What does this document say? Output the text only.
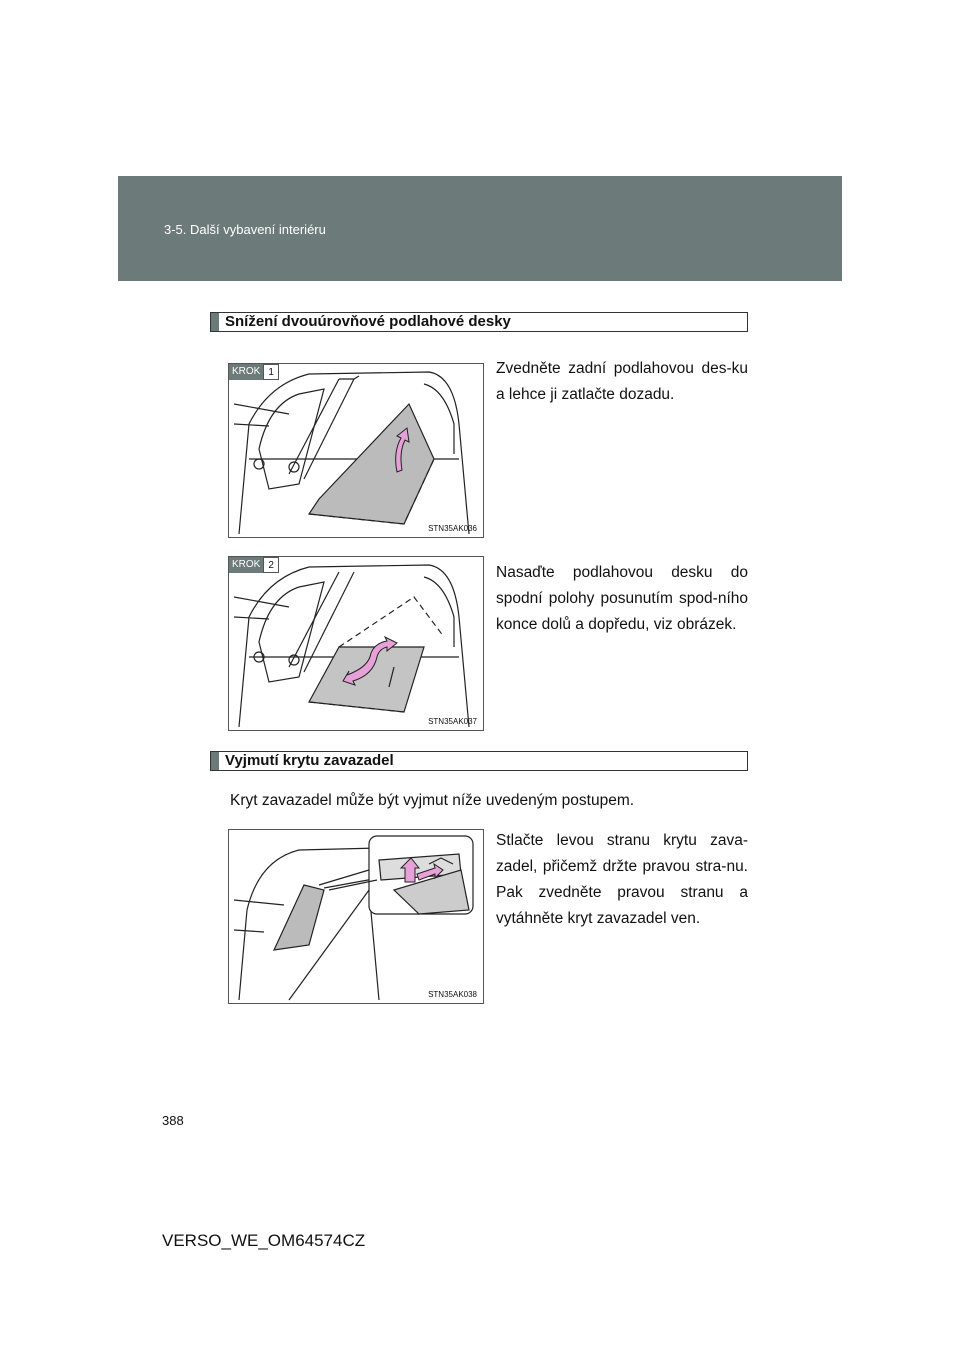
3-5. Další vybavení interiéru
Snížení dvouúrovňové podlahové desky
KROK 1
STN35AK036
Zvedněte zadní podlahovou des-ku a lehce ji zatlačte dozadu.
KROK 2
STN35AK037
Nasaďte podlahovou desku do spodní polohy posunutím spod-ního konce dolů a dopředu, viz obrázek.
Vyjmutí krytu zavazadel
Kryt zavazadel může být vyjmut níže uvedeným postupem.
STN35AK038
Stlačte levou stranu krytu zava-zadel, přičemž držte pravou stra-nu. Pak zvedněte pravou stranu a vytáhněte kryt zavazadel ven.
388
VERSO_WE_OM64574CZ
